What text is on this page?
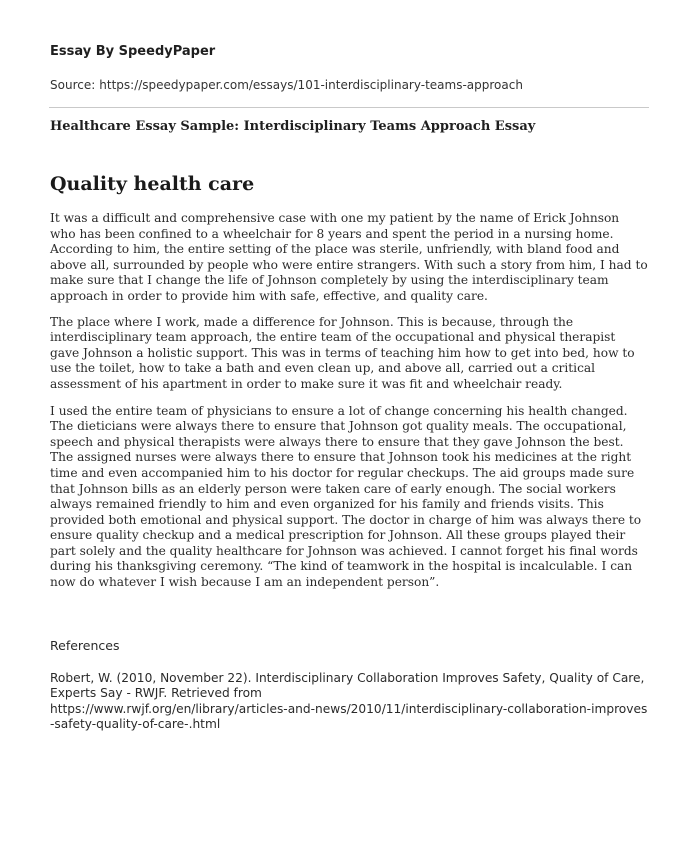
Essay By SpeedyPaper
Source: https://speedypaper.com/essays/101-interdisciplinary-teams-approach
Healthcare Essay Sample: Interdisciplinary Teams Approach Essay
Quality health care

It was a difficult and comprehensive case with one my patient by the name of Erick Johnson who has been confined to a wheelchair for 8 years and spent the period in a nursing home. According to him, the entire setting of the place was sterile, unfriendly, with bland food and above all, surrounded by people who were entire strangers. With such a story from him, I had to make sure that I change the life of Johnson completely by using the interdisciplinary team approach in order to provide him with safe, effective, and quality care.

The place where I work, made a difference for Johnson. This is because, through the interdisciplinary team approach, the entire team of the occupational and physical therapist gave Johnson a holistic support. This was in terms of teaching him how to get into bed, how to use the toilet, how to take a bath and even clean up, and above all, carried out a critical assessment of his apartment in order to make sure it was fit and wheelchair ready.

I used the entire team of physicians to ensure a lot of change concerning his health changed. The dieticians were always there to ensure that Johnson got quality meals. The occupational, speech and physical therapists were always there to ensure that they gave Johnson the best. The assigned nurses were always there to ensure that Johnson took his medicines at the right time and even accompanied him to his doctor for regular checkups. The aid groups made sure that Johnson bills as an elderly person were taken care of early enough. The social workers always remained friendly to him and even organized for his family and friends visits. This provided both emotional and physical support. The doctor in charge of him was always there to ensure quality checkup and a medical prescription for Johnson. All these groups played their part solely and the quality healthcare for Johnson was achieved. I cannot forget his final words during his thanksgiving ceremony. “The kind of teamwork in the hospital is incalculable. I can now do whatever I wish because I am an independent person”.

References
Robert, W. (2010, November 22). Interdisciplinary Collaboration Improves Safety, Quality of Care, Experts Say - RWJF. Retrieved from
https://www.rwjf.org/en/library/articles-and-news/2010/11/interdisciplinary-collaboration-improves-safety-quality-of-care-.html
